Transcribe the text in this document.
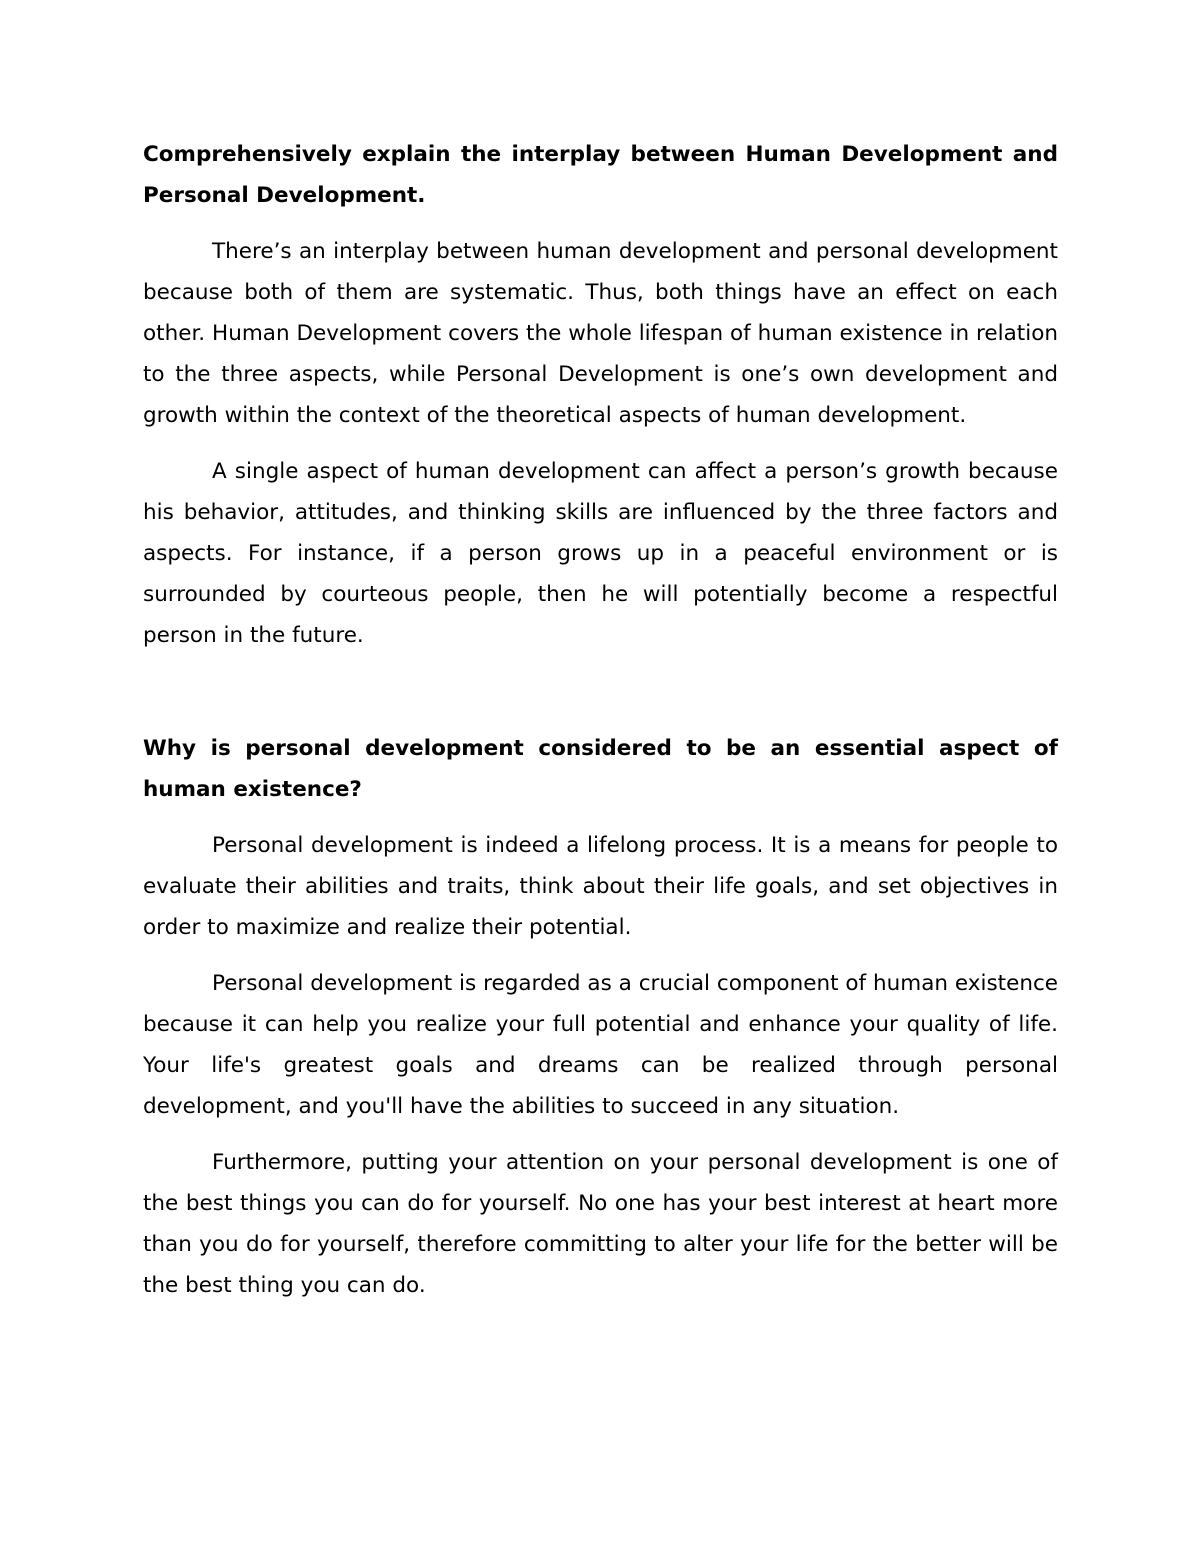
Comprehensively explain the interplay between Human Development and Personal Development.

There’s an interplay between human development and personal development because both of them are systematic. Thus, both things have an effect on each other. Human Development covers the whole lifespan of human existence in relation to the three aspects, while Personal Development is one’s own development and growth within the context of the theoretical aspects of human development.

A single aspect of human development can affect a person’s growth because his behavior, attitudes, and thinking skills are influenced by the three factors and aspects. For instance, if a person grows up in a peaceful environment or is surrounded by courteous people, then he will potentially become a respectful person in the future.

Why is personal development considered to be an essential aspect of human existence?

Personal development is indeed a lifelong process. It is a means for people to evaluate their abilities and traits, think about their life goals, and set objectives in order to maximize and realize their potential.

Personal development is regarded as a crucial component of human existence because it can help you realize your full potential and enhance your quality of life. Your life's greatest goals and dreams can be realized through personal development, and you'll have the abilities to succeed in any situation.

Furthermore, putting your attention on your personal development is one of the best things you can do for yourself. No one has your best interest at heart more than you do for yourself, therefore committing to alter your life for the better will be the best thing you can do.
